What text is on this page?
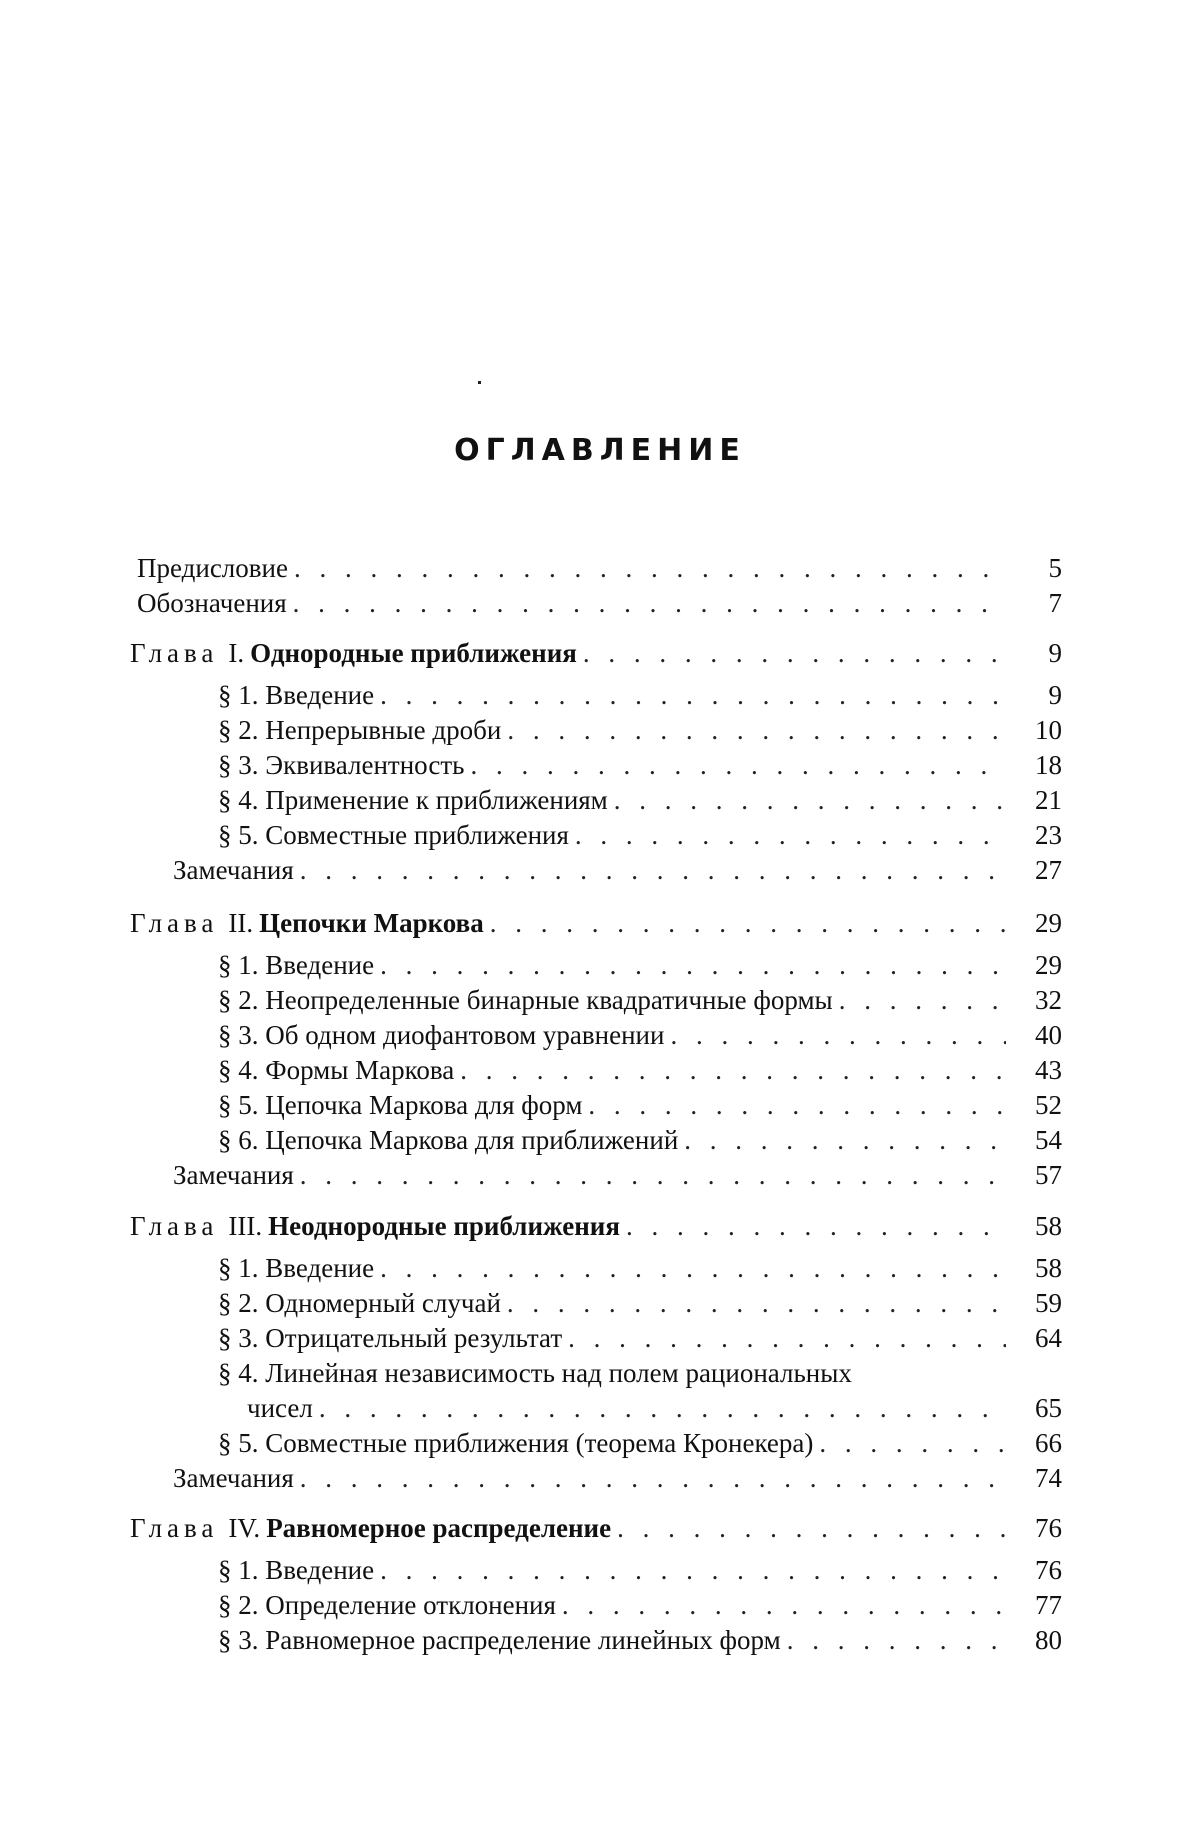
ОГЛАВЛЕНИЕ
Предисловие . . .	5
Обозначения . . .	7
Глава I. Однородные приближения . . .	9
§ 1. Введение . . .	9
§ 2. Непрерывные дроби . . .	10
§ 3. Эквивалентность . . .	18
§ 4. Применение к приближениям . . .	21
§ 5. Совместные приближения . . .	23
Замечания . . .	27
Глава II. Цепочки Маркова . . .	29
§ 1. Введение . . .	29
§ 2. Неопределенные бинарные квадратичные формы . . .	32
§ 3. Об одном диофантовом уравнении . . .	40
§ 4. Формы Маркова . . .	43
§ 5. Цепочка Маркова для форм . . .	52
§ 6. Цепочка Маркова для приближений . . .	54
Замечания . . .	57
Глава III. Неоднородные приближения . . .	58
§ 1. Введение . . .	58
§ 2. Одномерный случай . . .	59
§ 3. Отрицательный результат . . .	64
§ 4. Линейная независимость над полем рациональных
чисел . . .	65
§ 5. Совместные приближения (теорема Кронекера) . . .	66
Замечания . . .	74
Глава IV. Равномерное распределение . . .	76
§ 1. Введение . . .	76
§ 2. Определение отклонения . . .	77
§ 3. Равномерное распределение линейных форм . . .	80
